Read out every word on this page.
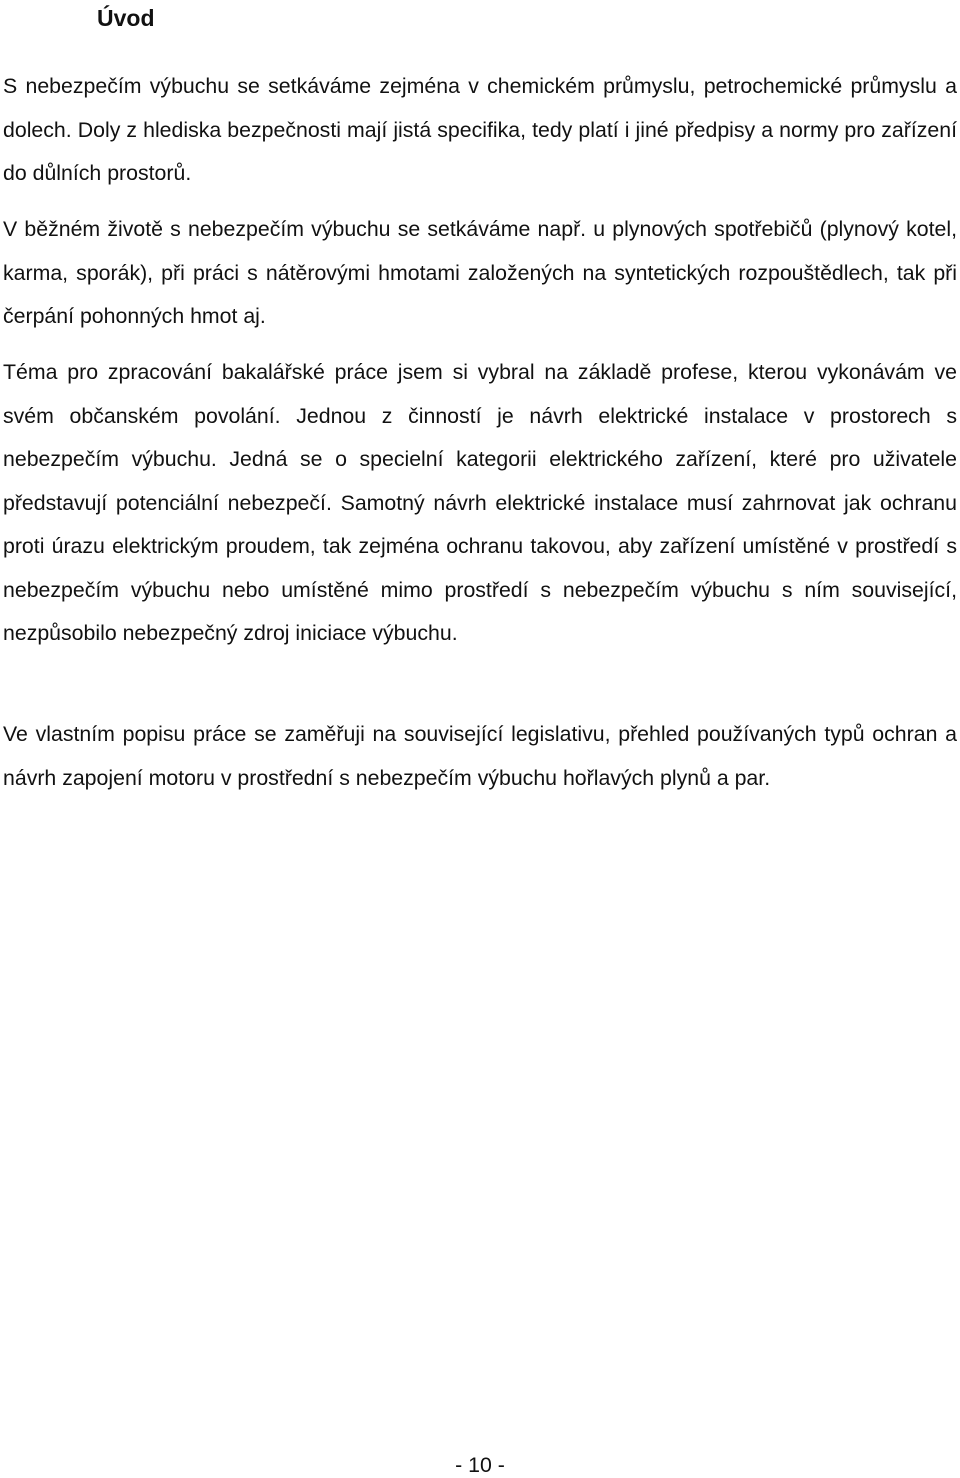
Úvod

S nebezpečím výbuchu se setkáváme zejména v chemickém průmyslu, petrochemické průmyslu a dolech. Doly z hlediska bezpečnosti mají jistá specifika, tedy platí i jiné předpisy a normy pro zařízení do důlních prostorů.

V běžném životě s nebezpečím výbuchu se setkáváme např. u plynových spotřebičů (plynový kotel, karma, sporák), při práci s nátěrovými hmotami založených na syntetických rozpouštědlech, tak při čerpání pohonných hmot aj.

Téma pro zpracování bakalářské práce jsem si vybral na základě profese, kterou vykonávám ve svém občanském povolání. Jednou z činností je návrh elektrické instalace v prostorech s nebezpečím výbuchu. Jedná se o specielní kategorii elektrického zařízení, které pro uživatele představují potenciální nebezpečí. Samotný návrh elektrické instalace musí zahrnovat jak ochranu proti úrazu elektrickým proudem, tak zejména ochranu takovou, aby zařízení umístěné v prostředí s nebezpečím výbuchu nebo umístěné mimo prostředí s nebezpečím výbuchu s ním související, nezpůsobilo nebezpečný zdroj iniciace výbuchu.

Ve vlastním popisu práce se zaměřuji na související legislativu, přehled používaných typů ochran a návrh zapojení motoru v prostřední s nebezpečím výbuchu hořlavých plynů a par.

- 10 -
